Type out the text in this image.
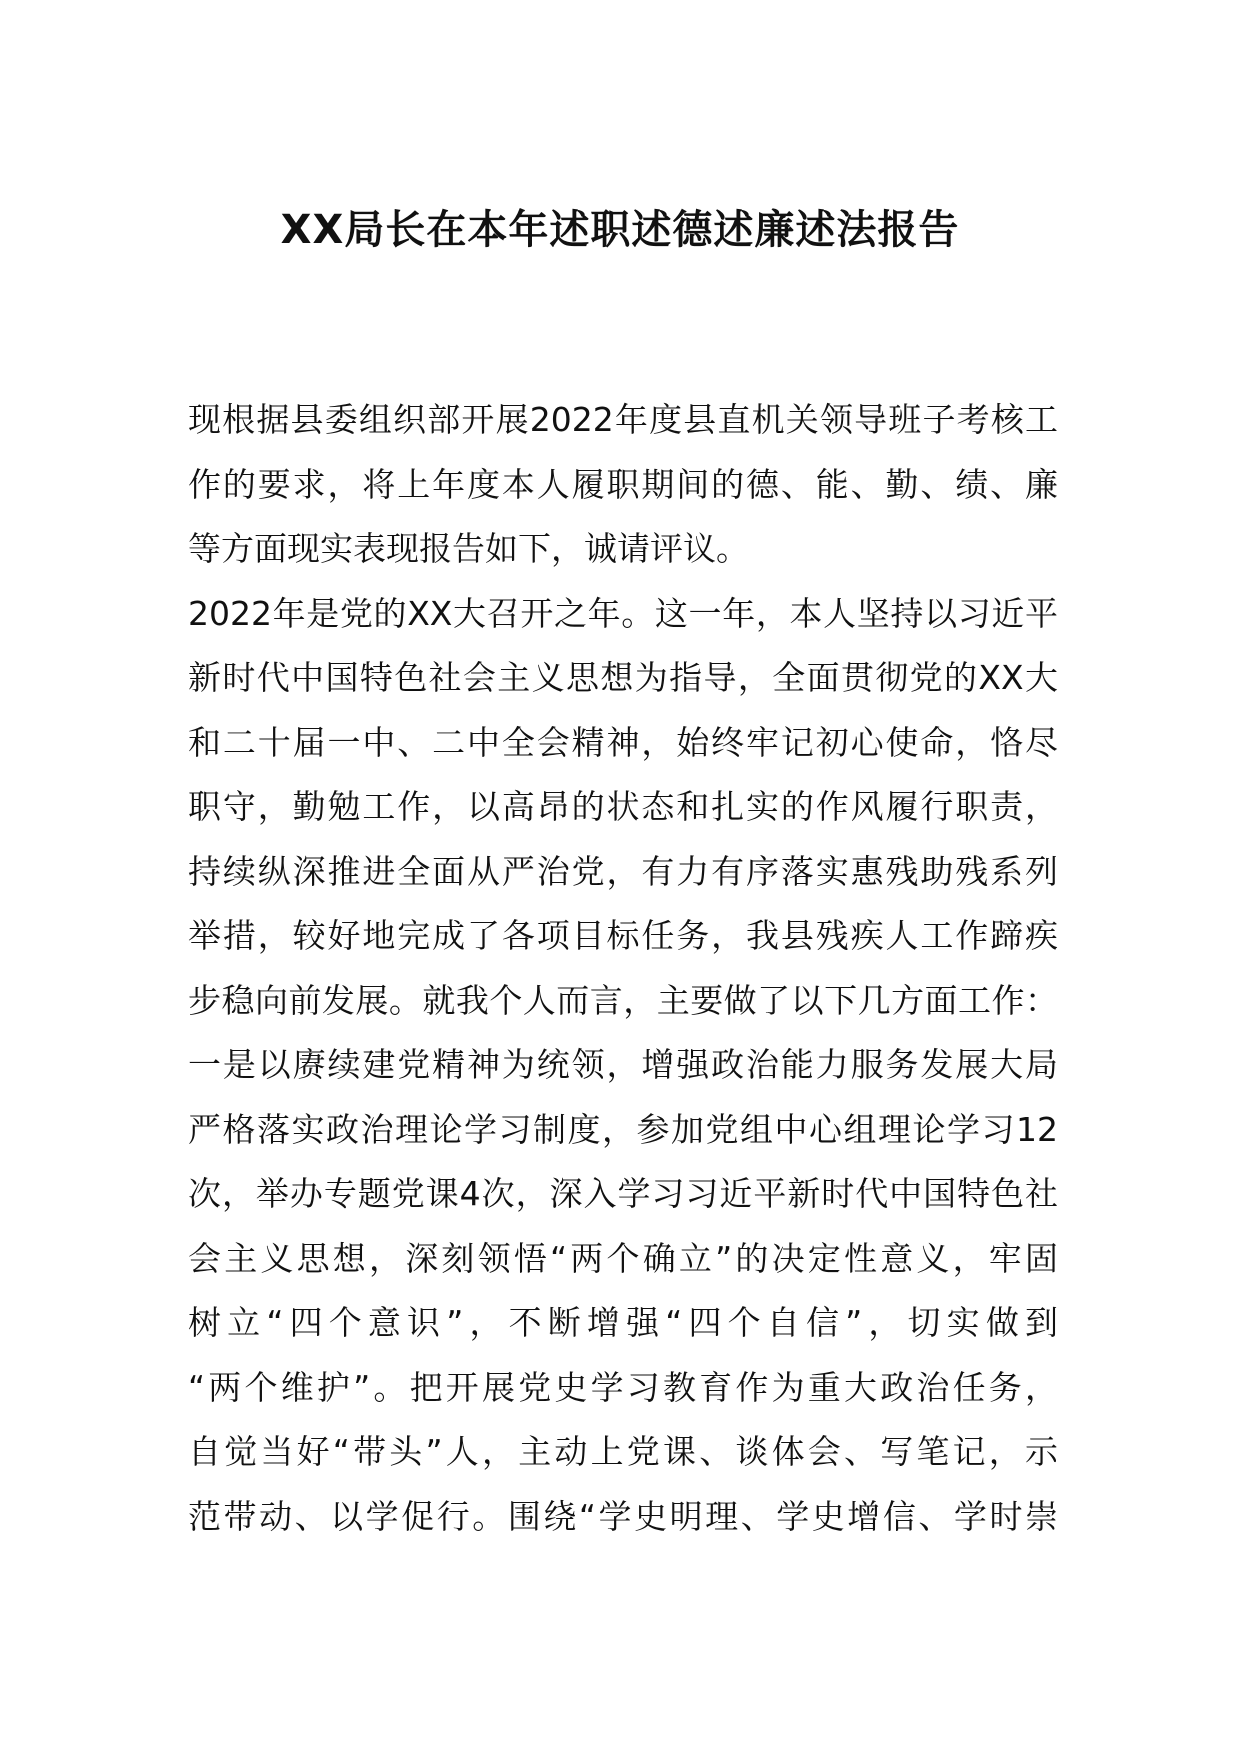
XX局长在本年述职述德述廉述法报告
现根据县委组织部开展2022年度县直机关领导班子考核工
作的要求，将上年度本人履职期间的德、能、勤、绩、廉
等方面现实表现报告如下，诚请评议。
2022年是党的XX大召开之年。这一年，本人坚持以习近平
新时代中国特色社会主义思想为指导，全面贯彻党的XX大
和二十届一中、二中全会精神，始终牢记初心使命，恪尽
职守，勤勉工作，以高昂的状态和扎实的作风履行职责，
持续纵深推进全面从严治党，有力有序落实惠残助残系列
举措，较好地完成了各项目标任务，我县残疾人工作蹄疾
步稳向前发展。就我个人而言，主要做了以下几方面工作：
一是以赓续建党精神为统领，增强政治能力服务发展大局
严格落实政治理论学习制度，参加党组中心组理论学习12
次，举办专题党课4次，深入学习习近平新时代中国特色社
会主义思想，深刻领悟“两个确立”的决定性意义，牢固
树立“四个意识”，不断增强“四个自信”，切实做到
“两个维护”。把开展党史学习教育作为重大政治任务，
自觉当好“带头”人，主动上党课、谈体会、写笔记，示
范带动、以学促行。围绕“学史明理、学史增信、学时崇
